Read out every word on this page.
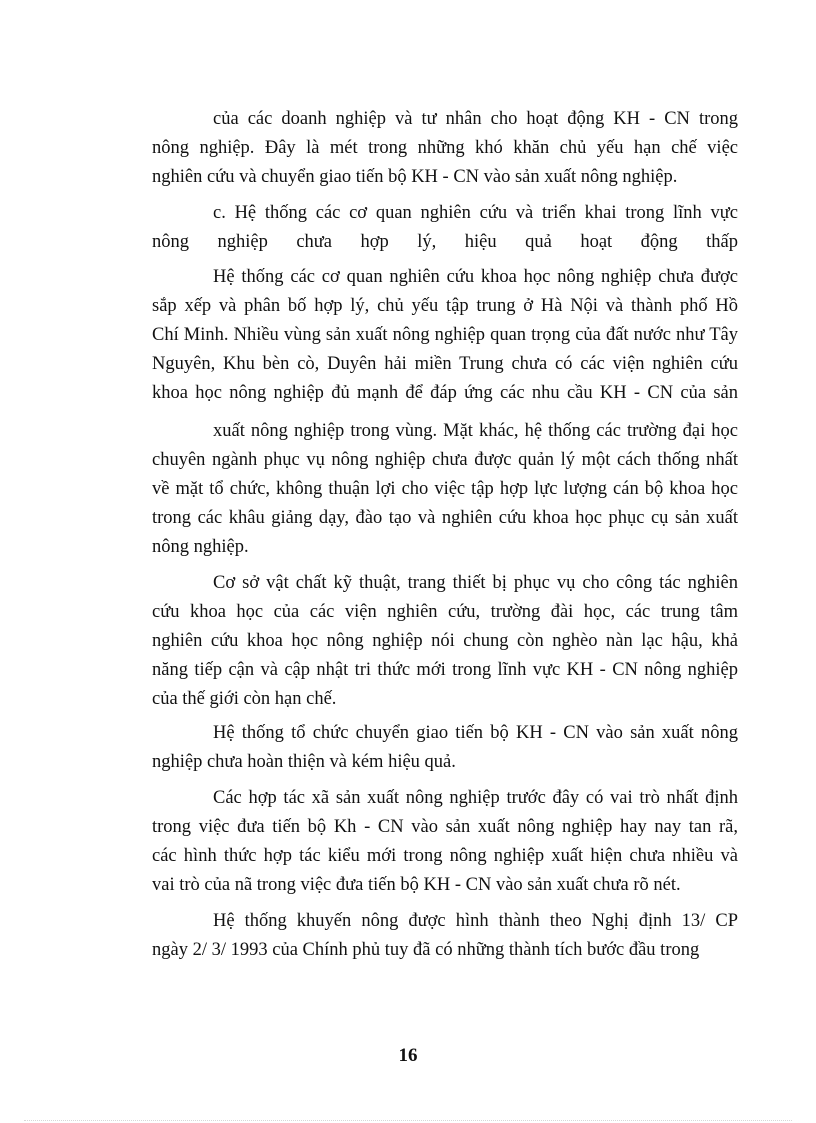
của các doanh nghiệp và tư nhân cho hoạt động KH - CN trong
nông nghiệp. Đây là mét trong những khó khăn chủ yếu hạn chế việc
nghiên cứu và chuyển giao tiến bộ KH - CN vào sản xuất nông nghiệp.
c. Hệ thống các cơ quan nghiên cứu và triển khai trong lĩnh vực
nông nghiệp chưa hợp lý, hiệu quả hoạt động thấp
Hệ thống các cơ quan nghiên cứu khoa học nông nghiệp chưa được
sắp xếp và phân bố hợp lý, chủ yếu tập trung ở Hà Nội và thành phố Hồ
Chí Minh. Nhiều vùng sản xuất nông nghiệp quan trọng của đất nước như Tây
Nguyên, Khu bèn cò, Duyên hải miền Trung chưa có các viện nghiên cứu
khoa học nông nghiệp đủ mạnh để đáp ứng các nhu cầu KH - CN của sản
xuất nông nghiệp trong vùng. Mặt khác, hệ thống các trường đại học
chuyên ngành phục vụ nông nghiệp chưa được quản lý một cách thống nhất
về mặt tổ chức, không thuận lợi cho việc tập hợp lực lượng cán bộ khoa học
trong các khâu giảng dạy, đào tạo và nghiên cứu khoa học phục cụ sản xuất
nông nghiệp.
Cơ sở vật chất kỹ thuật, trang thiết bị phục vụ cho công tác nghiên
cứu khoa học của các viện nghiên cứu, trường đài học, các trung tâm
nghiên cứu khoa học nông nghiệp nói chung còn nghèo nàn lạc hậu, khả
năng tiếp cận và cập nhật tri thức mới trong lĩnh vực KH - CN nông nghiệp
của thế giới còn hạn chế.
Hệ thống tổ chức chuyển giao tiến bộ KH - CN vào sản xuất nông
nghiệp chưa hoàn thiện và kém hiệu quả.
Các hợp tác xã sản xuất nông nghiệp trước đây có vai trò nhất định
trong việc đưa tiến bộ Kh - CN vào sản xuất nông nghiệp hay nay tan rã,
các hình thức hợp tác kiểu mới trong nông nghiệp xuất hiện chưa nhiều và
vai trò của nã trong việc đưa tiến bộ KH - CN vào sản xuất chưa rõ nét.
Hệ thống khuyến nông được hình thành theo Nghị định 13/ CP
ngày 2/ 3/ 1993 của Chính phủ tuy đã có những thành tích bước đầu trong
16
